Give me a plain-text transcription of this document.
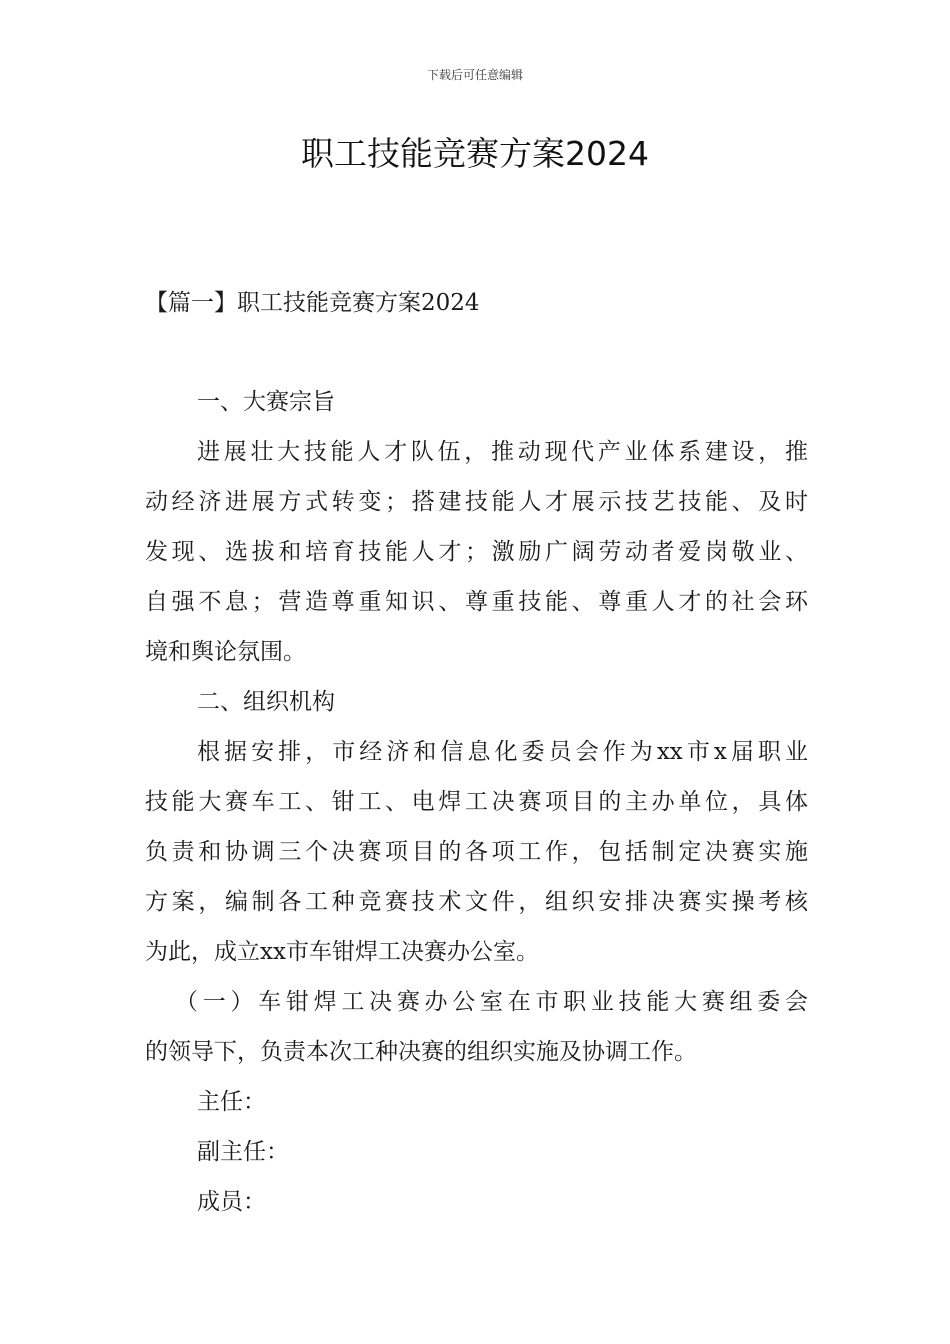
下载后可任意编辑
职工技能竞赛方案2024
【篇一】职工技能竞赛方案2024

一、大赛宗旨

进展壮大技能人才队伍，推动现代产业体系建设，推
动经济进展方式转变；搭建技能人才展示技艺技能、及时
发现、选拔和培育技能人才；激励广阔劳动者爱岗敬业、
自强不息；营造尊重知识、尊重技能、尊重人才的社会环
境和舆论氛围。

二、组织机构

根据安排，市经济和信息化委员会作为xx市x届职业
技能大赛车工、钳工、电焊工决赛项目的主办单位，具体
负责和协调三个决赛项目的各项工作，包括制定决赛实施
方案，编制各工种竞赛技术文件，组织安排决赛实操考核
为此，成立xx市车钳焊工决赛办公室。

（一）车钳焊工决赛办公室在市职业技能大赛组委会
的领导下，负责本次工种决赛的组织实施及协调工作。

主任：

副主任：

成员：
